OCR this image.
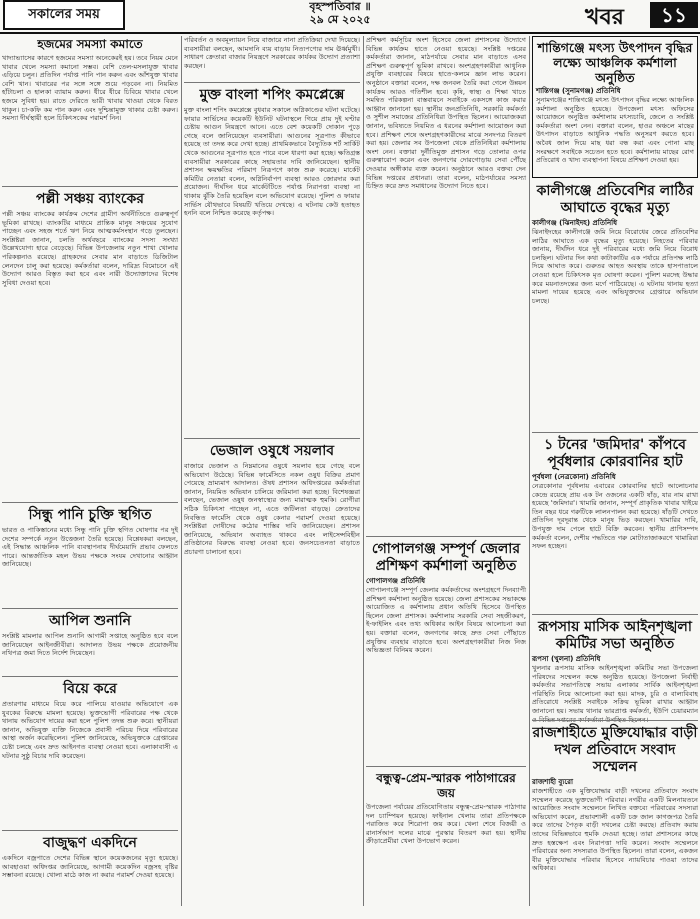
সকালের সময়	বৃহস্পতিবার ॥
২৯ মে ২০২৫	খবর	১১
হজমের সমস্যা কমাতে
খাদ্যাভ্যাসের কারণে হজমের সমস্যা অনেকেরই হয়। তবে নিয়ম মেনে খাবার খেলে সমস্যা কমানো সম্ভব। বেশি তেল-মসলাযুক্ত খাবার এড়িয়ে চলুন। প্রতিদিন পর্যাপ্ত পানি পান করুন এবং আঁশযুক্ত খাবার বেশি খান। খাবারের পর সঙ্গে সঙ্গে শুয়ে পড়বেন না। নিয়মিত হাঁটাচলা ও হালকা ব্যায়াম করুন। ধীরে ধীরে চিবিয়ে খাবার খেলে হজমে সুবিধা হয়। রাতে দেরিতে ভারী খাবার খাওয়া থেকে বিরত থাকুন। চা-কফি কম পান করুন এবং দুশ্চিন্তামুক্ত থাকার চেষ্টা করুন। সমস্যা দীর্ঘস্থায়ী হলে চিকিৎসকের পরামর্শ নিন।
পল্লী সঞ্চয় ব্যাংকের
পল্লী সঞ্চয় ব্যাংকের কার্যক্রম দেশের গ্রামীণ অর্থনীতিতে গুরুত্বপূর্ণ ভূমিকা রাখছে। ব্যাংকটির মাধ্যমে প্রান্তিক মানুষ সঞ্চয়ের সুযোগ পাচ্ছেন এবং সহজ শর্তে ঋণ নিয়ে আত্মকর্মসংস্থান গড়ে তুলছেন। সংশ্লিষ্টরা জানান, চলতি অর্থবছরে ব্যাংকের সদস্য সংখ্যা উল্লেখযোগ্য হারে বেড়েছে। বিভিন্ন উপজেলায় নতুন শাখা খোলার পরিকল্পনাও রয়েছে। গ্রাহকদের সেবার মান বাড়াতে ডিজিটাল লেনদেন চালু করা হয়েছে। কর্মকর্তারা বলেন, দারিদ্র্য বিমোচনে এই উদ্যোগ আরও বিস্তৃত করা হবে এবং নারী উদ্যোক্তাদের বিশেষ সুবিধা দেওয়া হবে।
সিন্ধু পানি চুক্তি স্থগিত
ভারত ও পাকিস্তানের মধ্যে সিন্ধু পানি চুক্তি স্থগিত ঘোষণার পর দুই দেশের সম্পর্কে নতুন উত্তেজনা তৈরি হয়েছে। বিশ্লেষকরা বলছেন, এই সিদ্ধান্ত আঞ্চলিক পানি ব্যবস্থাপনায় দীর্ঘমেয়াদি প্রভাব ফেলতে পারে। আন্তর্জাতিক মহল উভয় পক্ষকে সংযম দেখানোর আহ্বান জানিয়েছে।
আপিল শুনানি
সংশ্লিষ্ট মামলার আপিল শুনানি আগামী সপ্তাহে অনুষ্ঠিত হবে বলে জানিয়েছেন আইনজীবীরা। আদালত উভয় পক্ষকে প্রয়োজনীয় নথিপত্র জমা দিতে নির্দেশ দিয়েছেন।
বিয়ে করে
প্রতারণার মাধ্যমে বিয়ে করে পালিয়ে যাওয়ার অভিযোগে এক যুবকের বিরুদ্ধে মামলা হয়েছে। ভুক্তভোগী পরিবারের পক্ষ থেকে থানায় অভিযোগ দায়ের করা হলে পুলিশ তদন্ত শুরু করে। স্থানীয়রা জানান, অভিযুক্ত ব্যক্তি নিজেকে প্রবাসী পরিচয় দিয়ে পরিবারের আস্থা অর্জন করেছিলেন। পুলিশ জানিয়েছে, অভিযুক্তকে গ্রেপ্তারের চেষ্টা চলছে এবং দ্রুত আইনগত ব্যবস্থা নেওয়া হবে। এলাকাবাসী এ ঘটনার সুষ্ঠু বিচার দাবি করেছেন।
বাজুদ্ধণ একদিনে
একদিনে বজ্রপাতে দেশের বিভিন্ন স্থানে কয়েকজনের মৃত্যু হয়েছে। আবহাওয়া অধিদপ্তর জানিয়েছে, আগামী কয়েকদিন বজ্রসহ বৃষ্টির সম্ভাবনা রয়েছে। খোলা মাঠে কাজ না করার পরামর্শ দেওয়া হয়েছে।
পরিবর্তন ও অবমূল্যায়ন নিয়ে বাজারে নানা প্রতিক্রিয়া দেখা দিয়েছে। ব্যবসায়ীরা বলছেন, আমদানি ব্যয় বাড়ায় নিত্যপণ্যের দাম ঊর্ধ্বমুখী। সাধারণ ক্রেতারা বাজার নিয়ন্ত্রণে সরকারের কার্যকর উদ্যোগ প্রত্যাশা করছেন।
মুক্ত বাংলা শপিং কমপ্লেক্সে
মুক্ত বাংলা শপিং কমপ্লেক্সে বুধবার সকালে অগ্নিকাণ্ডের ঘটনা ঘটেছে। ফায়ার সার্ভিসের কয়েকটি ইউনিট ঘটনাস্থলে গিয়ে প্রায় দুই ঘণ্টার চেষ্টায় আগুন নিয়ন্ত্রণে আনে। এতে বেশ কয়েকটি দোকান পুড়ে গেছে বলে জানিয়েছেন ব্যবসায়ীরা। আগুনের সূত্রপাত কীভাবে হয়েছে তা তদন্ত করে দেখা হচ্ছে। প্রাথমিকভাবে বৈদ্যুতিক শর্ট সার্কিট থেকে আগুনের সূত্রপাত হতে পারে বলে ধারণা করা হচ্ছে। ক্ষতিগ্রস্ত ব্যবসায়ীরা সরকারের কাছে সহায়তার দাবি জানিয়েছেন। স্থানীয় প্রশাসন ক্ষয়ক্ষতির পরিমাণ নিরূপণে কাজ শুরু করেছে। মার্কেট কমিটির নেতারা বলেন, অগ্নিনির্বাপণ ব্যবস্থা আরও জোরদার করা প্রয়োজন। দীর্ঘদিন ধরে মার্কেটটিতে পর্যাপ্ত নিরাপত্তা ব্যবস্থা না থাকায় ঝুঁকি তৈরি হয়েছিল বলে অভিযোগ রয়েছে। পুলিশ ও ফায়ার সার্ভিস যৌথভাবে বিষয়টি খতিয়ে দেখছে। এ ঘটনায় কেউ হতাহত হননি বলে নিশ্চিত করেছে কর্তৃপক্ষ।
ভেজাল ওষুধে সয়লাব
বাজারে ভেজাল ও নিম্নমানের ওষুধে সয়লাব হয়ে গেছে বলে অভিযোগ উঠেছে। বিভিন্ন ফার্মেসিতে নকল ওষুধ বিক্রির প্রমাণ পেয়েছে ভ্রাম্যমাণ আদালত। ঔষধ প্রশাসন অধিদপ্তরের কর্মকর্তারা জানান, নিয়মিত অভিযান চালিয়ে জরিমানা করা হচ্ছে। বিশেষজ্ঞরা বলছেন, ভেজাল ওষুধ জনস্বাস্থ্যের জন্য মারাত্মক হুমকি। রোগীরা সঠিক চিকিৎসা পাচ্ছেন না, এতে জটিলতা বাড়ছে। ক্রেতাদের নিবন্ধিত ফার্মেসি থেকে ওষুধ কেনার পরামর্শ দেওয়া হয়েছে। সংশ্লিষ্টরা দোষীদের কঠোর শাস্তির দাবি জানিয়েছেন। প্রশাসন জানিয়েছে, অভিযান অব্যাহত থাকবে এবং লাইসেন্সবিহীন প্রতিষ্ঠানের বিরুদ্ধে ব্যবস্থা নেওয়া হবে। জনসচেতনতা বাড়াতে প্রচারণা চালানো হবে।
প্রশিক্ষণ কর্মসূচির অংশ হিসেবে জেলা প্রশাসনের উদ্যোগে বিভিন্ন কার্যক্রম হাতে নেওয়া হয়েছে। সংশ্লিষ্ট দপ্তরের কর্মকর্তারা জানান, মাঠপর্যায়ে সেবার মান বাড়াতে এসব প্রশিক্ষণ গুরুত্বপূর্ণ ভূমিকা রাখবে। অংশগ্রহণকারীরা আধুনিক প্রযুক্তি ব্যবহারের বিষয়ে হাতে-কলমে জ্ঞান লাভ করেন। অনুষ্ঠানে বক্তারা বলেন, দক্ষ জনবল তৈরি করা গেলে উন্নয়ন কার্যক্রম আরও গতিশীল হবে। কৃষি, স্বাস্থ্য ও শিক্ষা খাতে সমন্বিত পরিকল্পনা বাস্তবায়নে সবাইকে একসঙ্গে কাজ করার আহ্বান জানানো হয়। স্থানীয় জনপ্রতিনিধি, সরকারি কর্মকর্তা ও সুশীল সমাজের প্রতিনিধিরা উপস্থিত ছিলেন। আয়োজকরা জানান, ভবিষ্যতে নিয়মিত এ ধরনের কর্মশালা আয়োজন করা হবে। প্রশিক্ষণ শেষে অংশগ্রহণকারীদের মাঝে সনদপত্র বিতরণ করা হয়। জেলার সব উপজেলা থেকে প্রতিনিধিরা কর্মশালায় অংশ নেন। বক্তারা দুর্নীতিমুক্ত প্রশাসন গড়ে তোলার ওপর গুরুত্বারোপ করেন এবং জনগণের দোরগোড়ায় সেবা পৌঁছে দেওয়ার অঙ্গীকার ব্যক্ত করেন। অনুষ্ঠানে আরও বক্তব্য দেন বিভিন্ন দপ্তরের প্রধানরা। তারা বলেন, মাঠপর্যায়ের সমস্যা চিহ্নিত করে দ্রুত সমাধানের উদ্যোগ নিতে হবে।
গোপালগঞ্জ সম্পূর্ণ জেলার প্রশিক্ষণ কর্মশালা অনুষ্ঠিত
গোপালগঞ্জ প্রতিনিধি
গোপালগঞ্জে সম্পূর্ণ জেলার কর্মকর্তাদের অংশগ্রহণে দিনব্যাপী প্রশিক্ষণ কর্মশালা অনুষ্ঠিত হয়েছে। জেলা প্রশাসকের সভাকক্ষে আয়োজিত এ কর্মশালায় প্রধান অতিথি হিসেবে উপস্থিত ছিলেন জেলা প্রশাসক। কর্মশালায় সরকারি সেবা সহজীকরণ, ই-ফাইলিং এবং তথ্য অধিকার আইন বিষয়ে আলোচনা করা হয়। বক্তারা বলেন, জনগণের কাছে দ্রুত সেবা পৌঁছাতে প্রযুক্তির ব্যবহার বাড়াতে হবে। অংশগ্রহণকারীরা নিজ নিজ অভিজ্ঞতা বিনিময় করেন।
বন্ধুত্ব-প্রেম-স্মারক পাঠাগারের জয়
উপজেলা পর্যায়ের প্রতিযোগিতায় বন্ধুত্ব-প্রেম-স্মারক পাঠাগার দল চ্যাম্পিয়ন হয়েছে। ফাইনাল খেলায় তারা প্রতিপক্ষকে পরাজিত করে শিরোপা জয় করে। খেলা শেষে বিজয়ী ও রানার্সআপ দলের মাঝে পুরস্কার বিতরণ করা হয়। স্থানীয় ক্রীড়াপ্রেমীরা খেলা উপভোগ করেন।
শান্তিগঞ্জে মৎস্য উৎপাদন বৃদ্ধির লক্ষ্যে আঞ্চলিক কর্মশালা অনুষ্ঠিত
শান্তিগঞ্জ (সুনামগঞ্জ) প্রতিনিধি
সুনামগঞ্জের শান্তিগঞ্জে মৎস্য উৎপাদন বৃদ্ধির লক্ষ্যে আঞ্চলিক কর্মশালা অনুষ্ঠিত হয়েছে। উপজেলা মৎস্য অফিসের আয়োজনে অনুষ্ঠিত কর্মশালায় মৎস্যচাষি, জেলে ও সংশ্লিষ্ট কর্মকর্তারা অংশ নেন। বক্তারা বলেন, হাওর অঞ্চলে মাছের উৎপাদন বাড়াতে আধুনিক পদ্ধতি অনুসরণ করতে হবে। অবৈধ জাল দিয়ে মাছ ধরা বন্ধ করা এবং পোনা মাছ সংরক্ষণে সবাইকে সচেতন হতে হবে। কর্মশালায় মাছের রোগ প্রতিরোধ ও খাদ্য ব্যবস্থাপনা বিষয়ে প্রশিক্ষণ দেওয়া হয়।
কালীগঞ্জে প্রতিবেশির লাঠির আঘাতে বৃদ্ধের মৃত্যু
কালীগঞ্জ (ঝিনাইদহ) প্রতিনিধি
ঝিনাইদহের কালীগঞ্জে জমি নিয়ে বিরোধের জেরে প্রতিবেশির লাঠির আঘাতে এক বৃদ্ধের মৃত্যু হয়েছে। নিহতের পরিবার জানায়, দীর্ঘদিন ধরে দুই পরিবারের মধ্যে জমি নিয়ে বিরোধ চলছিল। ঘটনার দিন কথা কাটাকাটির এক পর্যায়ে প্রতিপক্ষ লাঠি দিয়ে আঘাত করে। গুরুতর আহত অবস্থায় তাকে হাসপাতালে নেওয়া হলে চিকিৎসক মৃত ঘোষণা করেন। পুলিশ মরদেহ উদ্ধার করে ময়নাতদন্তের জন্য মর্গে পাঠিয়েছে। এ ঘটনায় থানায় হত্যা মামলা দায়ের হয়েছে এবং অভিযুক্তদের গ্রেপ্তারে অভিযান চলছে।
১ টনের 'জমিদার' কাঁপবে পূর্বধলার কোরবানির হাট
পূর্বধলা (নেত্রকোনা) প্রতিনিধি
নেত্রকোনার পূর্বধলায় এবারের কোরবানির হাটে আলোচনার কেন্দ্রে রয়েছে প্রায় এক টন ওজনের একটি ষাঁড়, যার নাম রাখা হয়েছে 'জমিদার'। খামারি জানান, সম্পূর্ণ প্রাকৃতিক খাবার খাইয়ে তিন বছর ধরে গরুটিকে লালনপালন করা হয়েছে। ষাঁড়টি দেখতে প্রতিদিন দূরদূরান্ত থেকে মানুষ ভিড় করছেন। খামারির দাবি, উপযুক্ত দাম পেলে হাটে বিক্রি করবেন। স্থানীয় প্রাণিসম্পদ কর্মকর্তা বলেন, দেশীয় পদ্ধতিতে গরু মোটাতাজাকরণে খামারিরা সফল হচ্ছেন।
রূপসায় মাসিক আইনশৃঙ্খলা কমিটির সভা অনুষ্ঠিত
রূপসা (খুলনা) প্রতিনিধি
খুলনার রূপসায় মাসিক আইনশৃঙ্খলা কমিটির সভা উপজেলা পরিষদের সম্মেলন কক্ষে অনুষ্ঠিত হয়েছে। উপজেলা নির্বাহী কর্মকর্তার সভাপতিত্বে সভায় এলাকার সার্বিক আইনশৃঙ্খলা পরিস্থিতি নিয়ে আলোচনা করা হয়। মাদক, চুরি ও বাল্যবিবাহ প্রতিরোধে সংশ্লিষ্ট সবাইকে সক্রিয় ভূমিকা রাখার আহ্বান জানানো হয়। সভায় থানার ভারপ্রাপ্ত কর্মকর্তা, ইউপি চেয়ারম্যান
রাজশাহীতে মুক্তিযোদ্ধার বাড়ী দখল প্রতিবাদে সংবাদ সম্মেলন
রাজশাহী ব্যুরো
রাজশাহীতে এক মুক্তিযোদ্ধার বাড়ী দখলের প্রতিবাদে সংবাদ সম্মেলন করেছে ভুক্তভোগী পরিবার। নগরীর একটি মিলনায়তনে আয়োজিত সংবাদ সম্মেলনে লিখিত বক্তব্যে পরিবারের সদস্যরা অভিযোগ করেন, প্রভাবশালী একটি চক্র জাল কাগজপত্র তৈরি করে তাদের পৈতৃক বাড়ী দখলের চেষ্টা করছে। প্রতিবাদ করায় তাদের বিভিন্নভাবে হুমকি দেওয়া হচ্ছে। তারা প্রশাসনের কাছে দ্রুত হস্তক্ষেপ এবং নিরাপত্তা দাবি করেন। সংবাদ সম্মেলনে পরিবারের অন্য সদস্যরাও উপস্থিত ছিলেন। তারা বলেন, একজন বীর মুক্তিযোদ্ধার পরিবার হিসেবে ন্যায়বিচার পাওয়া তাদের অধিকার।
